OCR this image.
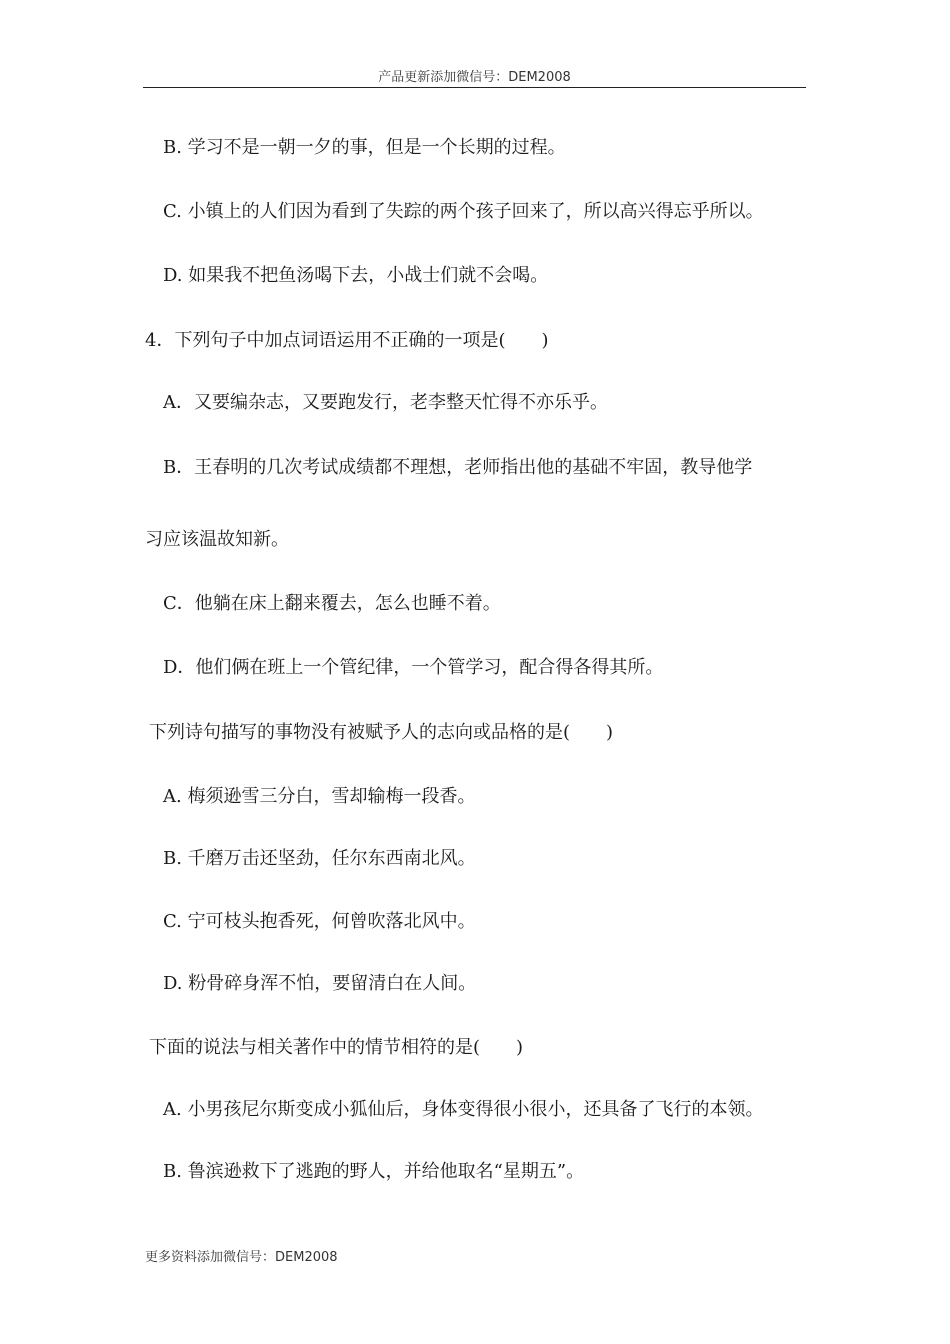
产品更新添加微信号：DEM2008
B. 学习不是一朝一夕的事，但是一个长期的过程。
C. 小镇上的人们因为看到了失踪的两个孩子回来了，所以高兴得忘乎所以。
D. 如果我不把鱼汤喝下去，小战士们就不会喝。
4．下列句子中加点词语运用不正确的一项是(　　)
A．又要编杂志，又要跑发行，老李整天忙得不亦乐乎。
B．王春明的几次考试成绩都不理想，老师指出他的基础不牢固，教导他学
习应该温故知新。
C．他躺在床上翻来覆去，怎么也睡不着。
D．他们俩在班上一个管纪律，一个管学习，配合得各得其所。
下列诗句描写的事物没有被赋予人的志向或品格的是(　　)
A. 梅须逊雪三分白，雪却输梅一段香。
B. 千磨万击还坚劲，任尔东西南北风。
C. 宁可枝头抱香死，何曾吹落北风中。
D. 粉骨碎身浑不怕，要留清白在人间。
下面的说法与相关著作中的情节相符的是(　　)
A. 小男孩尼尔斯变成小狐仙后，身体变得很小很小，还具备了飞行的本领。
B. 鲁滨逊救下了逃跑的野人，并给他取名“星期五”。
更多资料添加微信号：DEM2008
